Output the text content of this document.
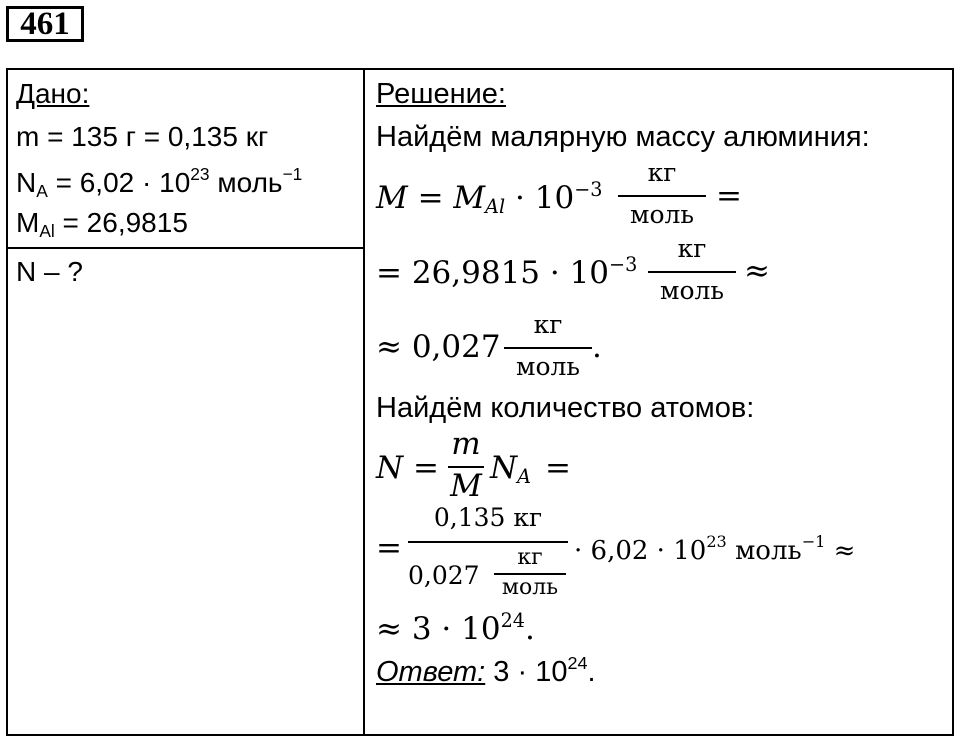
461
Дано:
m = 135 г = 0,135 кг
$N_A = 6,02 \cdot 10^{23}$ моль$^{-1}$
$M_{Al} = 26,9815$
N – ?
Решение:
Найдём малярную массу алюминия:
$M = M_{Al} \cdot 10^{-3}$
кг
моль
=
= $26,9815 \cdot 10^{-3}$
кг
моль
≈
≈ 0,027
кг
моль
.
Найдём количество атомов:
N =
m
M $N_A$ =
=
0,135 кг
0,027
кг
моль
· $6,02 \cdot 10^{23}$ моль$^{-1}$ ≈
≈ $3 \cdot 10^{24}$.
Ответ: $3 \cdot 10^{24}$.
